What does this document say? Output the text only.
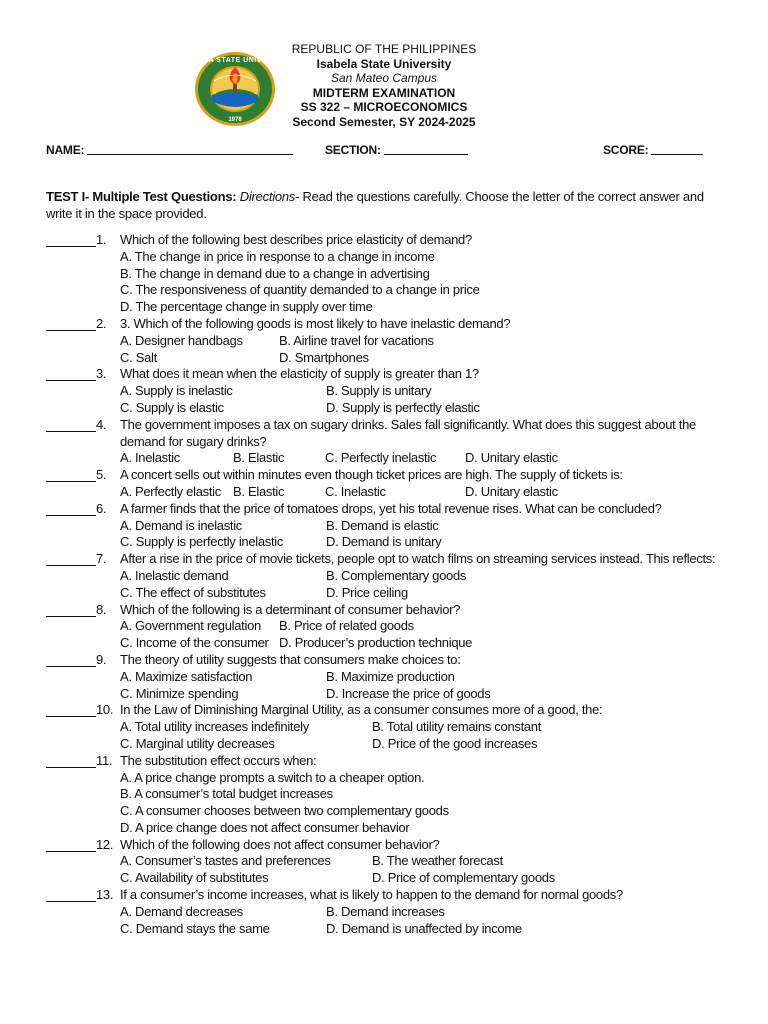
ISABELA STATE UNIVERSITY
1978
REPUBLIC OF THE PHILIPPINES
Isabela State University
San Mateo Campus
MIDTERM EXAMINATION
SS 322 – MICROECONOMICS
Second Semester, SY 2024-2025
NAME:	SECTION:	SCORE:
TEST I- Multiple Test Questions: Directions- Read the questions carefully. Choose the letter of the correct answer and write it in the space provided.
1. Which of the following best describes price elasticity of demand?
A. The change in price in response to a change in income
B. The change in demand due to a change in advertising
C. The responsiveness of quantity demanded to a change in price
D. The percentage change in supply over time
2. 3. Which of the following goods is most likely to have inelastic demand?
A. Designer handbags	B. Airline travel for vacations
C. Salt	D. Smartphones
3. What does it mean when the elasticity of supply is greater than 1?
A. Supply is inelastic	B. Supply is unitary
C. Supply is elastic	D. Supply is perfectly elastic
4. The government imposes a tax on sugary drinks. Sales fall significantly. What does this suggest about the demand for sugary drinks?
A. Inelastic	B. Elastic	C. Perfectly inelastic D. Unitary elastic
5. A concert sells out within minutes even though ticket prices are high. The supply of tickets is:
A. Perfectly elastic B. Elastic	C. Inelastic	D. Unitary elastic
6. A farmer finds that the price of tomatoes drops, yet his total revenue rises. What can be concluded?
A. Demand is inelastic	B. Demand is elastic
C. Supply is perfectly inelastic	D. Demand is unitary
7. After a rise in the price of movie tickets, people opt to watch films on streaming services instead. This reflects:
A. Inelastic demand	B. Complementary goods
C. The effect of substitutes	D. Price ceiling
8. Which of the following is a determinant of consumer behavior?
A. Government regulation B. Price of related goods
C. Income of the consumer D. Producer’s production technique
9. The theory of utility suggests that consumers make choices to:
A. Maximize satisfaction	B. Maximize production
C. Minimize spending	D. Increase the price of goods
10. In the Law of Diminishing Marginal Utility, as a consumer consumes more of a good, the:
A. Total utility increases indefinitely	B. Total utility remains constant
C. Marginal utility decreases	D. Price of the good increases
11. The substitution effect occurs when:
A. A price change prompts a switch to a cheaper option.
B. A consumer’s total budget increases
C. A consumer chooses between two complementary goods
D. A price change does not affect consumer behavior
12. Which of the following does not affect consumer behavior?
A. Consumer’s tastes and preferences	B. The weather forecast
C. Availability of substitutes	D. Price of complementary goods
13. If a consumer’s income increases, what is likely to happen to the demand for normal goods?
A. Demand decreases	B. Demand increases
C. Demand stays the same	D. Demand is unaffected by income
